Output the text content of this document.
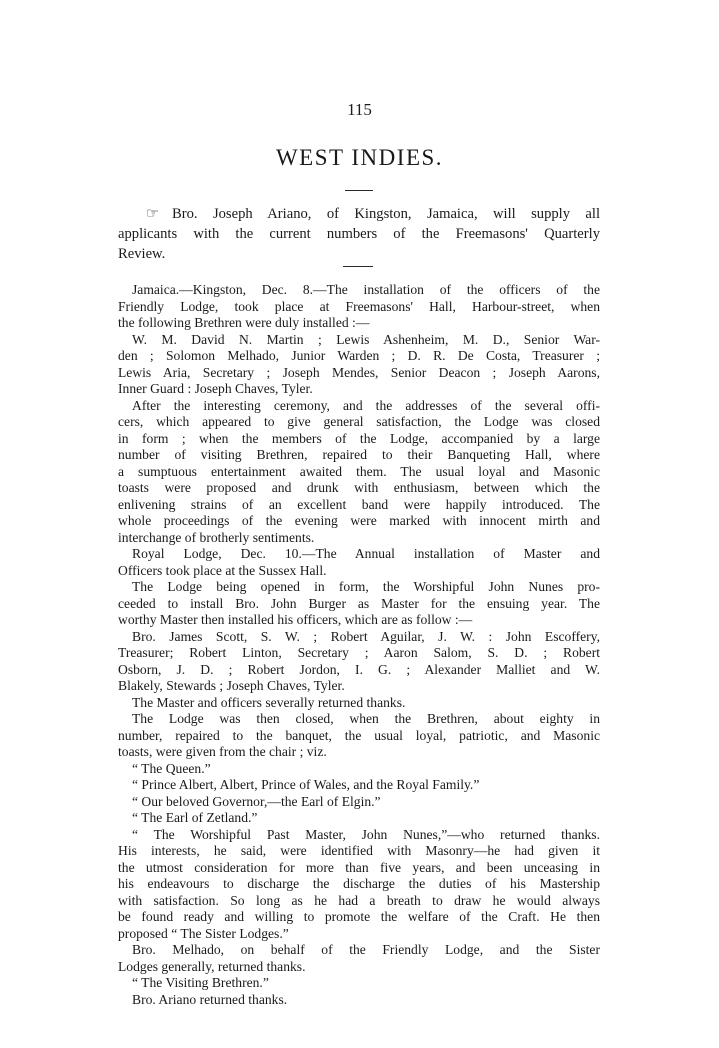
115
WEST INDIES.
☞ Bro. Joseph Ariano, of Kingston, Jamaica, will supply all
applicants with the current numbers of the Freemasons' Quarterly
Review.
Jamaica.—Kingston, Dec. 8.—The installation of the officers of the
Friendly Lodge, took place at Freemasons' Hall, Harbour-street, when
the following Brethren were duly installed :—
W. M. David N. Martin ; Lewis Ashenheim, M. D., Senior War-
den ; Solomon Melhado, Junior Warden ; D. R. De Costa, Treasurer ;
Lewis Aria, Secretary ; Joseph Mendes, Senior Deacon ; Joseph Aarons,
Inner Guard : Joseph Chaves, Tyler.
After the interesting ceremony, and the addresses of the several offi-
cers, which appeared to give general satisfaction, the Lodge was closed
in form ; when the members of the Lodge, accompanied by a large
number of visiting Brethren, repaired to their Banqueting Hall, where
a sumptuous entertainment awaited them. The usual loyal and Masonic
toasts were proposed and drunk with enthusiasm, between which the
enlivening strains of an excellent band were happily introduced. The
whole proceedings of the evening were marked with innocent mirth and
interchange of brotherly sentiments.
Royal Lodge, Dec. 10.—The Annual installation of Master and
Officers took place at the Sussex Hall.
The Lodge being opened in form, the Worshipful John Nunes pro-
ceeded to install Bro. John Burger as Master for the ensuing year. The
worthy Master then installed his officers, which are as follow :—
Bro. James Scott, S. W. ; Robert Aguilar, J. W. : John Escoffery,
Treasurer; Robert Linton, Secretary ; Aaron Salom, S. D. ; Robert
Osborn, J. D. ; Robert Jordon, I. G. ; Alexander Malliet and W.
Blakely, Stewards ; Joseph Chaves, Tyler.
The Master and officers severally returned thanks.
The Lodge was then closed, when the Brethren, about eighty in
number, repaired to the banquet, the usual loyal, patriotic, and Masonic
toasts, were given from the chair ; viz.
“ The Queen.”
“ Prince Albert, Albert, Prince of Wales, and the Royal Family.”
“ Our beloved Governor,—the Earl of Elgin.”
“ The Earl of Zetland.”
“ The Worshipful Past Master, John Nunes,”—who returned thanks.
His interests, he said, were identified with Masonry—he had given it
the utmost consideration for more than five years, and been unceasing in
his endeavours to discharge the discharge the duties of his Mastership
with satisfaction. So long as he had a breath to draw he would always
be found ready and willing to promote the welfare of the Craft. He then
proposed “ The Sister Lodges.”
Bro. Melhado, on behalf of the Friendly Lodge, and the Sister
Lodges generally, returned thanks.
“ The Visiting Brethren.”
Bro. Ariano returned thanks.
